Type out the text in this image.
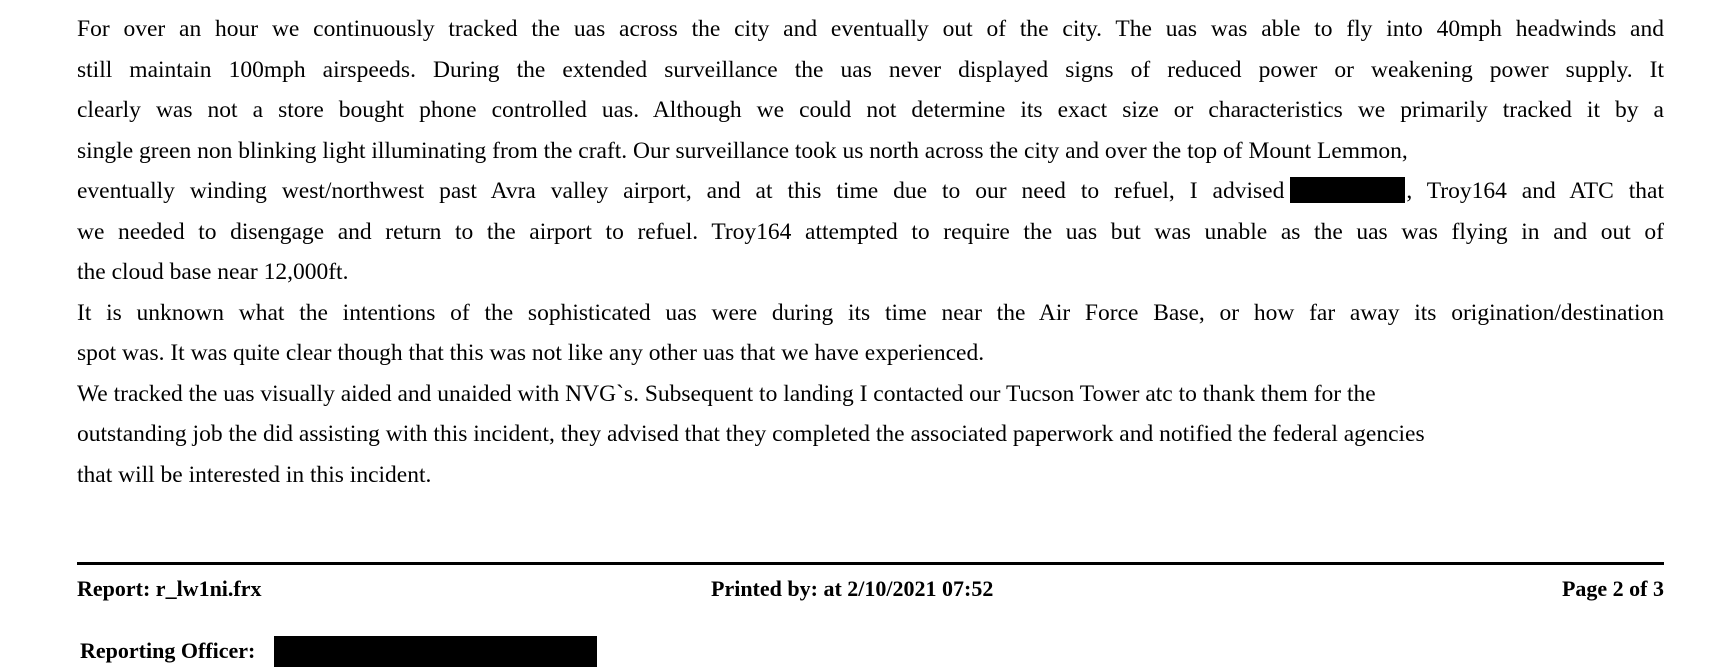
For over an hour we continuously tracked the uas across the city and eventually out of the city. The uas was able to fly into 40mph headwinds and
still maintain 100mph airspeeds. During the extended surveillance the uas never displayed signs of reduced power or weakening power supply. It
clearly was not a store bought phone controlled uas. Although we could not determine its exact size or characteristics we primarily tracked it by a
single green non blinking light illuminating from the craft. Our surveillance took us north across the city and over the top of Mount Lemmon,
eventually winding west/northwest past Avra valley airport, and at this time due to our need to refuel, I advised	, Troy164 and ATC that
we needed to disengage and return to the airport to refuel. Troy164 attempted to require the uas but was unable as the uas was flying in and out of
the cloud base near 12,000ft.

It is unknown what the intentions of the sophisticated uas were during its time near the Air Force Base, or how far away its origination/destination
spot was. It was quite clear though that this was not like any other uas that we have experienced.

We tracked the uas visually aided and unaided with NVG`s. Subsequent to landing I contacted our Tucson Tower atc to thank them for the
outstanding job the did assisting with this incident, they advised that they completed the associated paperwork and notified the federal agencies
that will be interested in this incident.

Report: r_lw1ni.frx	Printed by: at 2/10/2021 07:52	Page 2 of 3
Reporting Officer:
